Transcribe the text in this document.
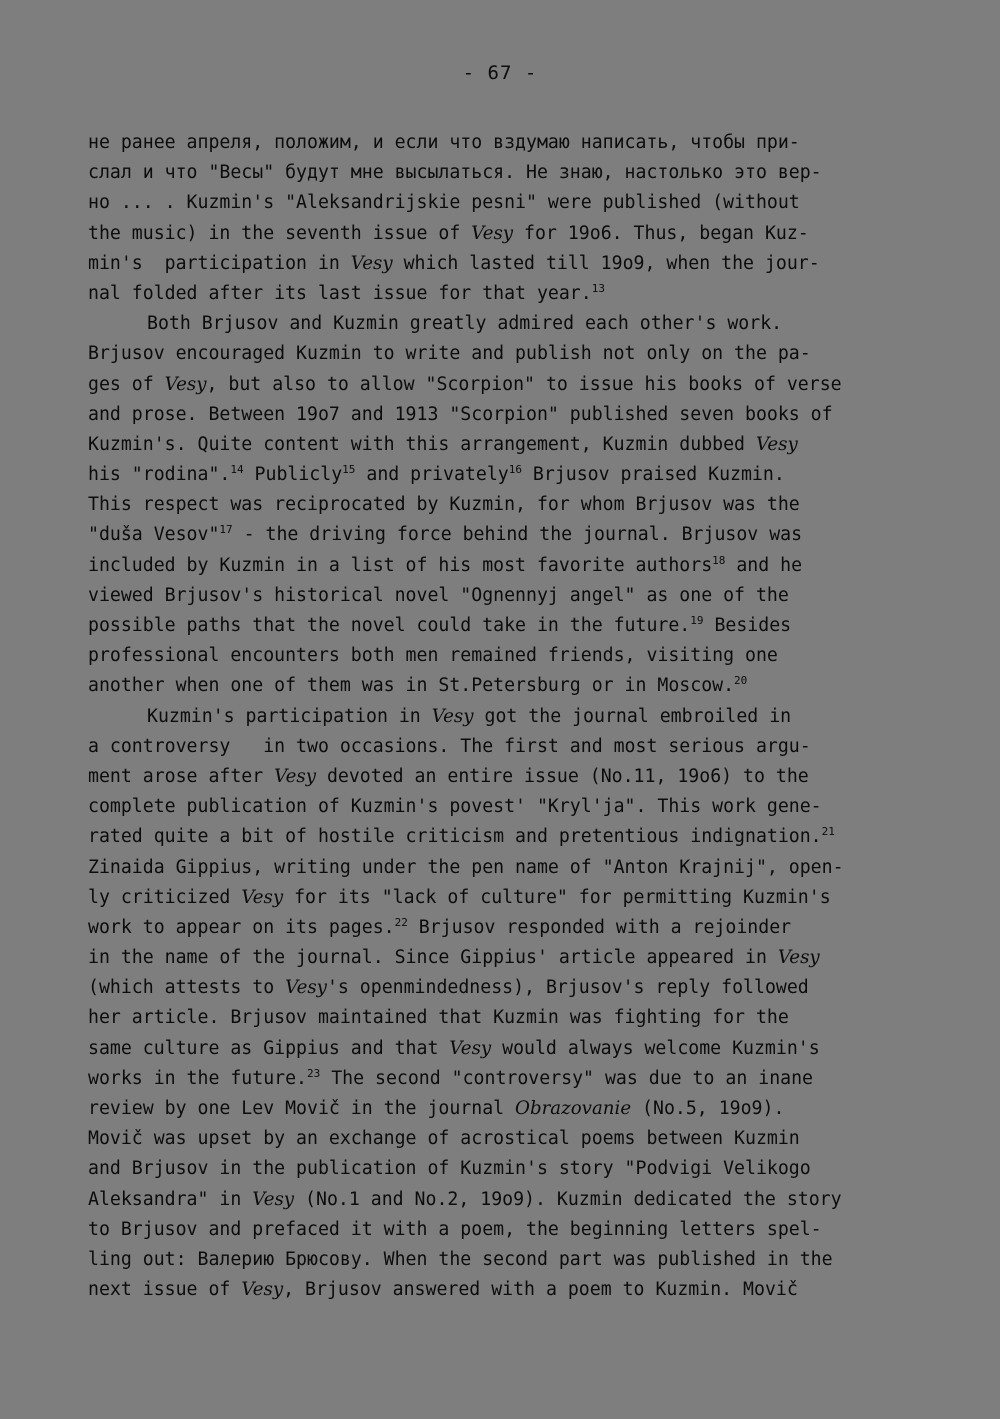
- 67 -
не ранее апреля, положим, и если что вздумаю написать, чтобы при-
слал и что "Весы" будут мне высылаться. Не знаю, настолько это вер-
но ... . Kuzmin's "Aleksandrijskie pesni" were published (without
the music) in the seventh issue of Vesy for 19o6. Thus, began Kuz-
min's  participation in Vesy which lasted till 19o9, when the jour-
nal folded after its last issue for that year.$^{13}$
Both Brjusov and Kuzmin greatly admired each other's work.
Brjusov encouraged Kuzmin to write and publish not only on the pa-
ges of Vesy, but also to allow "Scorpion" to issue his books of verse
and prose. Between 19o7 and 1913 "Scorpion" published seven books of
Kuzmin's. Quite content with this arrangement, Kuzmin dubbed Vesy
his "rodina".$^{14}$ Publicly$^{15}$ and privately$^{16}$ Brjusov praised Kuzmin.
This respect was reciprocated by Kuzmin, for whom Brjusov was the
"duša Vesov"$^{17}$ - the driving force behind the journal. Brjusov was
included by Kuzmin in a list of his most favorite authors$^{18}$ and he
viewed Brjusov's historical novel "Ognennyj angel" as one of the
possible paths that the novel could take in the future.$^{19}$ Besides
professional encounters both men remained friends, visiting one
another when one of them was in St.Petersburg or in Moscow.$^{20}$
Kuzmin's participation in Vesy got the journal embroiled in
a controversy   in two occasions. The first and most serious argu-
ment arose after Vesy devoted an entire issue (No.11, 19o6) to the
complete publication of Kuzmin's povest' "Kryl'ja". This work gene-
rated quite a bit of hostile criticism and pretentious indignation.$^{21}$
Zinaida Gippius, writing under the pen name of "Anton Krajnij", open-
ly criticized Vesy for its "lack of culture" for permitting Kuzmin's
work to appear on its pages.$^{22}$ Brjusov responded with a rejoinder
in the name of the journal. Since Gippius' article appeared in Vesy
(which attests to Vesy's openmindedness), Brjusov's reply followed
her article. Brjusov maintained that Kuzmin was fighting for the
same culture as Gippius and that Vesy would always welcome Kuzmin's
works in the future.$^{23}$ The second "controversy" was due to an inane
review by one Lev Movič in the journal Obrazovanie (No.5, 19o9).
Movič was upset by an exchange of acrostical poems between Kuzmin
and Brjusov in the publication of Kuzmin's story "Podvigi Velikogo
Aleksandra" in Vesy (No.1 and No.2, 19o9). Kuzmin dedicated the story
to Brjusov and prefaced it with a poem, the beginning letters spel-
ling out: Валерию Брюсову. When the second part was published in the
next issue of Vesy, Brjusov answered with a poem to Kuzmin. Movič
